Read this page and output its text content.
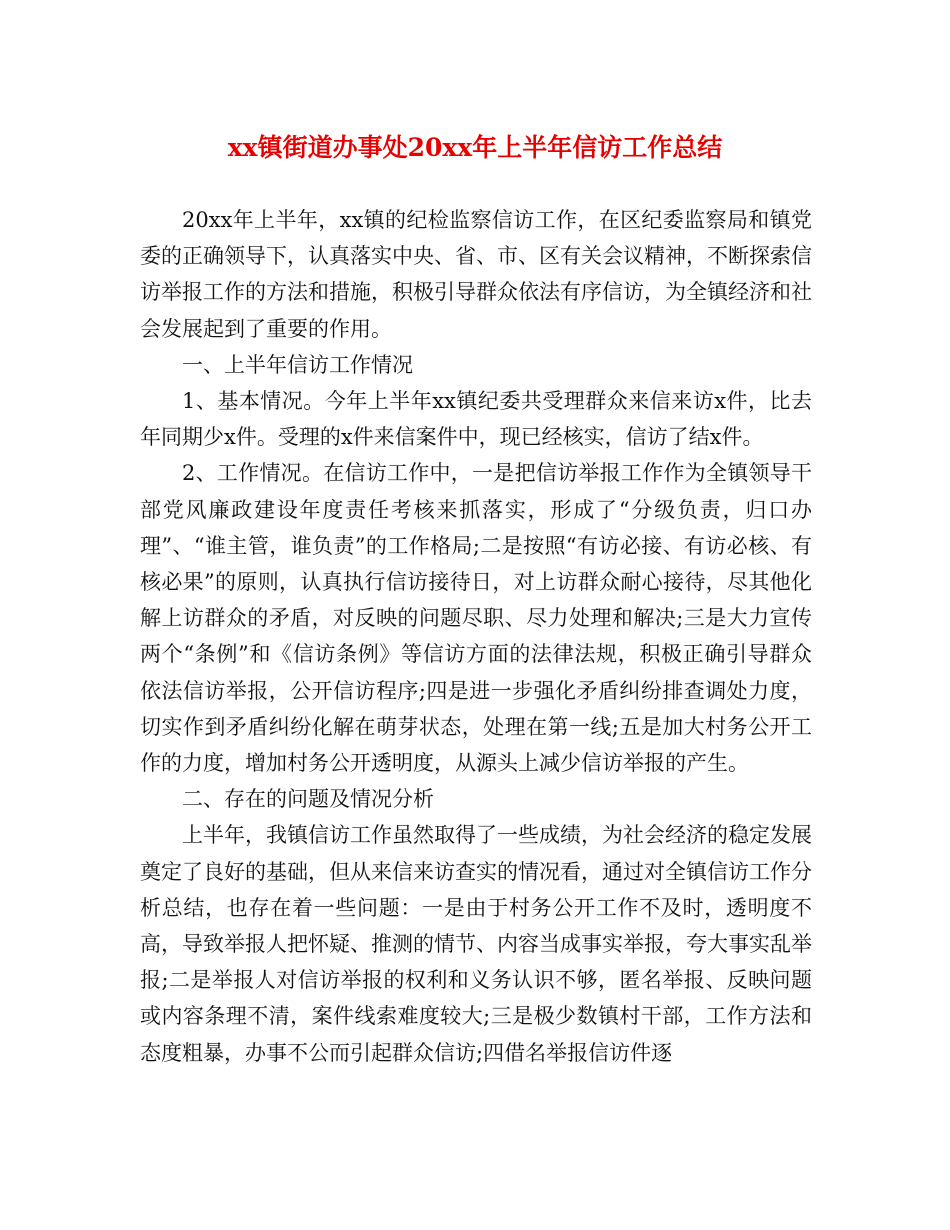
xx镇街道办事处20xx年上半年信访工作总结

20xx年上半年，xx镇的纪检监察信访工作，在区纪委监察局和镇党委的正确领导下，认真落实中央、省、市、区有关会议精神，不断探索信访举报工作的方法和措施，积极引导群众依法有序信访，为全镇经济和社会发展起到了重要的作用。

一、上半年信访工作情况

1、基本情况。今年上半年xx镇纪委共受理群众来信来访x件，比去年同期少x件。受理的x件来信案件中，现已经核实，信访了结x件。

2、工作情况。在信访工作中，一是把信访举报工作作为全镇领导干部党风廉政建设年度责任考核来抓落实，形成了“分级负责，归口办理”、“谁主管，谁负责”的工作格局;二是按照“有访必接、有访必核、有核必果”的原则，认真执行信访接待日，对上访群众耐心接待，尽其他化解上访群众的矛盾，对反映的问题尽职、尽力处理和解决;三是大力宣传两个“条例”和《信访条例》等信访方面的法律法规，积极正确引导群众依法信访举报，公开信访程序;四是进一步强化矛盾纠纷排查调处力度，切实作到矛盾纠纷化解在萌芽状态，处理在第一线;五是加大村务公开工作的力度，增加村务公开透明度，从源头上减少信访举报的产生。

二、存在的问题及情况分析

上半年，我镇信访工作虽然取得了一些成绩，为社会经济的稳定发展奠定了良好的基础，但从来信来访查实的情况看，通过对全镇信访工作分析总结，也存在着一些问题：一是由于村务公开工作不及时，透明度不高，导致举报人把怀疑、推测的情节、内容当成事实举报，夸大事实乱举报;二是举报人对信访举报的权利和义务认识不够，匿名举报、反映问题或内容条理不清，案件线索难度较大;三是极少数镇村干部，工作方法和态度粗暴，办事不公而引起群众信访;四借名举报信访件逐
